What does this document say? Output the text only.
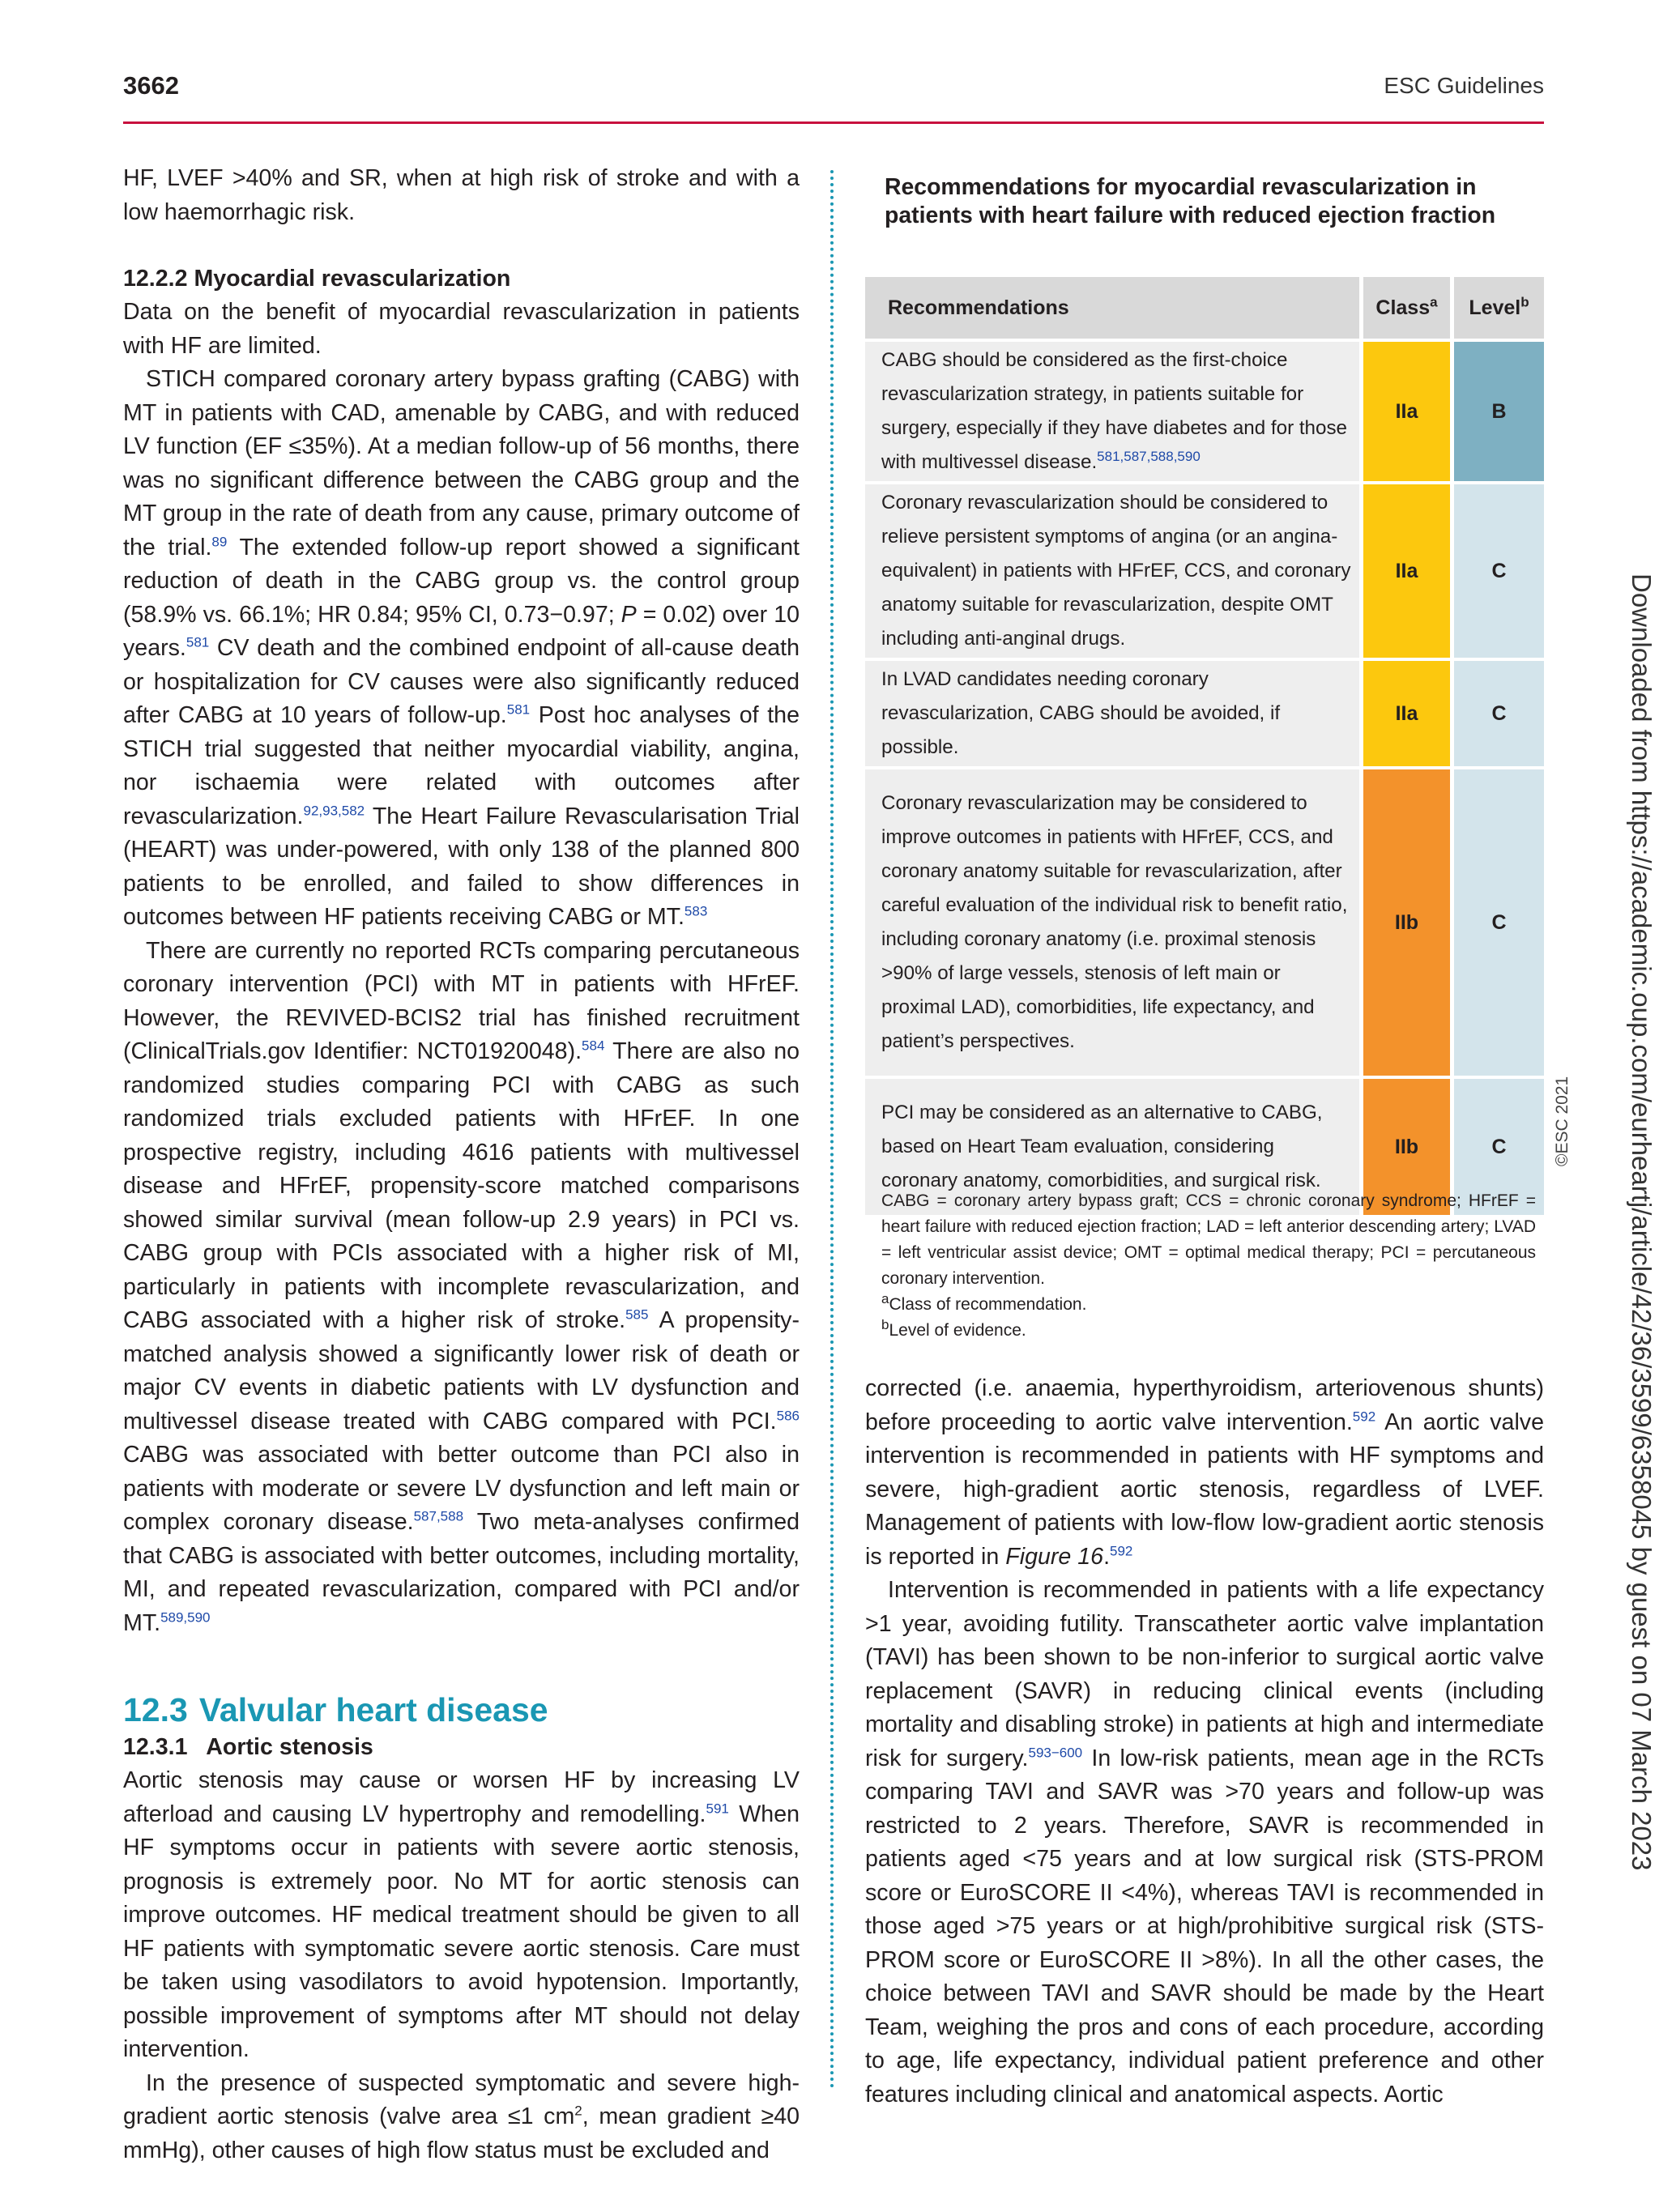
3662	ESC Guidelines

HF, LVEF >40% and SR, when at high risk of stroke and with a low haemorrhagic risk.

12.2.2 Myocardial revascularization

Data on the benefit of myocardial revascularization in patients with HF are limited.

STICH compared coronary artery bypass grafting (CABG) with MT in patients with CAD, amenable by CABG, and with reduced LV function (EF ≤35%). At a median follow-up of 56 months, there was no significant difference between the CABG group and the MT group in the rate of death from any cause, primary outcome of the trial.$^{89}$ The extended follow-up report showed a significant reduction of death in the CABG group vs. the control group (58.9% vs. 66.1%; HR 0.84; 95% CI, 0.73−0.97; P = 0.02) over 10 years.$^{581}$ CV death and the combined endpoint of all-cause death or hospitalization for CV causes were also significantly reduced after CABG at 10 years of follow-up.$^{581}$ Post hoc analyses of the STICH trial suggested that neither myocardial viability, angina, nor ischaemia were related with outcomes after revascularization.$^{92,93,582}$ The Heart Failure Revascularisation Trial (HEART) was under-powered, with only 138 of the planned 800 patients to be enrolled, and failed to show differences in outcomes between HF patients receiving CABG or MT.$^{583}$

There are currently no reported RCTs comparing percutaneous coronary intervention (PCI) with MT in patients with HFrEF. However, the REVIVED-BCIS2 trial has finished recruitment (ClinicalTrials.gov Identifier: NCT01920048).$^{584}$ There are also no randomized studies comparing PCI with CABG as such randomized trials excluded patients with HFrEF. In one prospective registry, including 4616 patients with multivessel disease and HFrEF, propensity-score matched comparisons showed similar survival (mean follow-up 2.9 years) in PCI vs. CABG group with PCIs associated with a higher risk of MI, particularly in patients with incomplete revascularization, and CABG associated with a higher risk of stroke.$^{585}$ A propensity-matched analysis showed a significantly lower risk of death or major CV events in diabetic patients with LV dysfunction and multivessel disease treated with CABG compared with PCI.$^{586}$ CABG was associated with better outcome than PCI also in patients with moderate or severe LV dysfunction and left main or complex coronary disease.$^{587,588}$ Two meta-analyses confirmed that CABG is associated with better outcomes, including mortality, MI, and repeated revascularization, compared with PCI and/or MT.$^{589,590}$

12.3 Valvular heart disease

12.3.1   Aortic stenosis

Aortic stenosis may cause or worsen HF by increasing LV afterload and causing LV hypertrophy and remodelling.$^{591}$ When HF symptoms occur in patients with severe aortic stenosis, prognosis is extremely poor. No MT for aortic stenosis can improve outcomes. HF medical treatment should be given to all HF patients with symptomatic severe aortic stenosis. Care must be taken using vasodilators to avoid hypotension. Importantly, possible improvement of symptoms after MT should not delay intervention.

In the presence of suspected symptomatic and severe high-gradient aortic stenosis (valve area ≤1 $cm^2$, mean gradient ≥40 mmHg), other causes of high flow status must be excluded and

Recommendations for myocardial revascularization in patients with heart failure with reduced ejection fraction

Recommendations	Class$^a$	Level$^b$
CABG should be considered as the first-choice revascularization strategy, in patients suitable for surgery, especially if they have diabetes and for those with multivessel disease.$^{581,587,588,590}$	IIa	B
Coronary revascularization should be considered to relieve persistent symptoms of angina (or an angina-equivalent) in patients with HFrEF, CCS, and coronary anatomy suitable for revascularization, despite OMT including anti-anginal drugs.	IIa	C
In LVAD candidates needing coronary revascularization, CABG should be avoided, if possible.	IIa	C
Coronary revascularization may be considered to improve outcomes in patients with HFrEF, CCS, and coronary anatomy suitable for revascularization, after careful evaluation of the individual risk to benefit ratio, including coronary anatomy (i.e. proximal stenosis >90% of large vessels, stenosis of left main or proximal LAD), comorbidities, life expectancy, and patient’s perspectives.	IIb	C
PCI may be considered as an alternative to CABG, based on Heart Team evaluation, considering coronary anatomy, comorbidities, and surgical risk.	IIb	C	©ESC 2021

CABG = coronary artery bypass graft; CCS = chronic coronary syndrome; HFrEF = heart failure with reduced ejection fraction; LAD = left anterior descending artery; LVAD = left ventricular assist device; OMT = optimal medical therapy; PCI = percutaneous coronary intervention.

$^a$Class of recommendation.

$^b$Level of evidence.

corrected (i.e. anaemia, hyperthyroidism, arteriovenous shunts) before proceeding to aortic valve intervention.$^{592}$ An aortic valve intervention is recommended in patients with HF symptoms and severe, high-gradient aortic stenosis, regardless of LVEF. Management of patients with low-flow low-gradient aortic stenosis is reported in Figure 16.$^{592}$

Intervention is recommended in patients with a life expectancy >1 year, avoiding futility. Transcatheter aortic valve implantation (TAVI) has been shown to be non-inferior to surgical aortic valve replacement (SAVR) in reducing clinical events (including mortality and disabling stroke) in patients at high and intermediate risk for surgery.$^{593-600}$ In low-risk patients, mean age in the RCTs comparing TAVI and SAVR was >70 years and follow-up was restricted to 2 years. Therefore, SAVR is recommended in patients aged <75 years and at low surgical risk (STS-PROM score or EuroSCORE II <4%), whereas TAVI is recommended in those aged >75 years or at high/prohibitive surgical risk (STS-PROM score or EuroSCORE II >8%). In all the other cases, the choice between TAVI and SAVR should be made by the Heart Team, weighing the pros and cons of each procedure, according to age, life expectancy, individual patient preference and other features including clinical and anatomical aspects. Aortic

Downloaded from https://academic.oup.com/eurheartj/article/42/36/3599/6358045 by guest on 07 March 2023
